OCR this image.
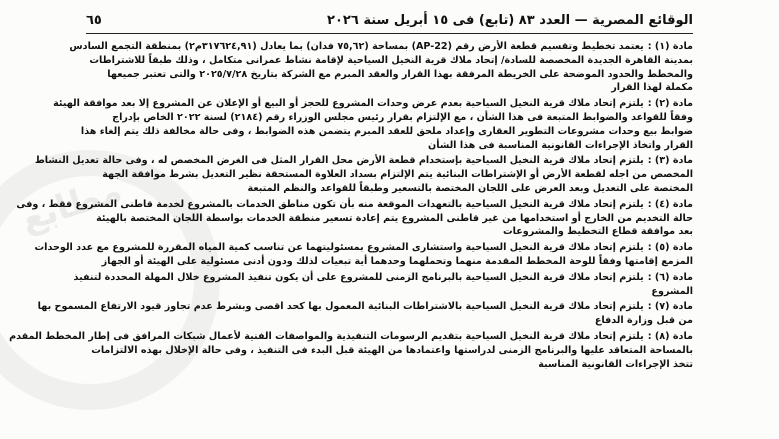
مطابع
الوقائع المصرية — العدد ٨٣ (تابع) فى ١٥ أبريل سنة ٢٠٢٦
٦٥
مادة (١) :يعتمد تخطيط وتقسيم قطعة الأرض رقم (AP-22) بمساحة (٧٥,٦٢ فدان) بما يعادل (٣١٧٦٢٤,٩١م٢) بمنطقة التجمع السادس
بمدينة القاهرة الجديدة المخصصة للسادة/ إتحاد ملاك قرية النخيل السياحية لإقامة نشاط عمرانى متكامل ، وذلك طبقاً للاشتراطات
والمخطط والحدود الموضحة على الخريطة المرفقة بهذا القرار والعقد المبرم مع الشركة بتاريخ ٢٠٢٥/٧/٢٨ والتى تعتبر جميعها
مكملة لهذا القرار
مادة (٢) :يلتزم إتحاد ملاك قرية النخيل السياحية بعدم عرض وحدات المشروع للحجز أو البيع أو الإعلان عن المشروع إلا بعد موافقة الهيئة
وفقاً للقواعد والضوابط المتبعة فى هذا الشأن ، مع الإلتزام بقرار رئيس مجلس الوزراء رقم (٢١٨٤) لسنة ٢٠٢٢ الخاص بإدراج
ضوابط بيع وحدات مشروعات التطوير العقارى وإعداد ملحق للعقد المبرم يتضمن هذه الضوابط ، وفى حالة مخالفة ذلك يتم إلغاء هذا
القرار واتخاذ الإجراءات القانونية المناسبة فى هذا الشأن
مادة (٣) :يلتزم إتحاد ملاك قرية النخيل السياحية بإستخدام قطعة الأرض محل القرار المثل فى الغرض المخصص له ، وفى حالة تعديل النشاط
المخصص من اجله لقطعة الأرض أو الإشتراطات البنائية يتم الإلتزام بسداد العلاوة المستحقة نظير التعديل بشرط موافقة الجهة
المختصة على التعديل وبعد العرض على اللجان المختصة بالتسعير وطبقاً للقواعد والنظم المتبعة
مادة (٤) :يلتزم إتحاد ملاك قرية النخيل السياحية بالتعهدات الموقعة منه بأن تكون مناطق الخدمات بالمشروع لخدمة قاطنى المشروع فقط ، وفى
حالة التخديم من الخارج أو استخدامها من غير قاطنى المشروع يتم إعادة تسعير منطقة الخدمات بواسطة اللجان المختصة بالهيئة
بعد موافقة قطاع التخطيط والمشروعات
مادة (٥) :يلتزم إتحاد ملاك قرية النخيل السياحية واستشارى المشروع بمسئوليتهما عن تناسب كمية المياه المقررة للمشروع مع عدد الوحدات
المزمع إقامتها وفقاً للوحة المخطط المقدمة منهما وتحملهما وحدهما أية تبعيات لذلك ودون أدنى مسئولية على الهيئة أو الجهاز
مادة (٦) :يلتزم إتحاد ملاك قرية النخيل السياحية بالبرنامج الزمنى للمشروع على أن يكون تنفيذ المشروع خلال المهلة المحددة لتنفيذ
المشروع
مادة (٧) :يلتزم إتحاد ملاك قرية النخيل السياحية بالاشتراطات البنائية المعمول بها كحد اقصى وبشرط عدم تجاوز قيود الارتفاع المسموح بها
من قبل وزارة الدفاع
مادة (٨) :يلتزم إتحاد ملاك قرية النخيل السياحية بتقديم الرسومات التنفيذية والمواصفات الفنية لأعمال شبكات المرافق فى إطار المخطط المقدم
بالمساحة المتعاقد عليها والبرنامج الزمنى لدراستها واعتمادها من الهيئة قبل البدء فى التنفيذ ، وفى حالة الإخلال بهذه الالتزامات
تتخذ الإجراءات القانونية المناسبة
